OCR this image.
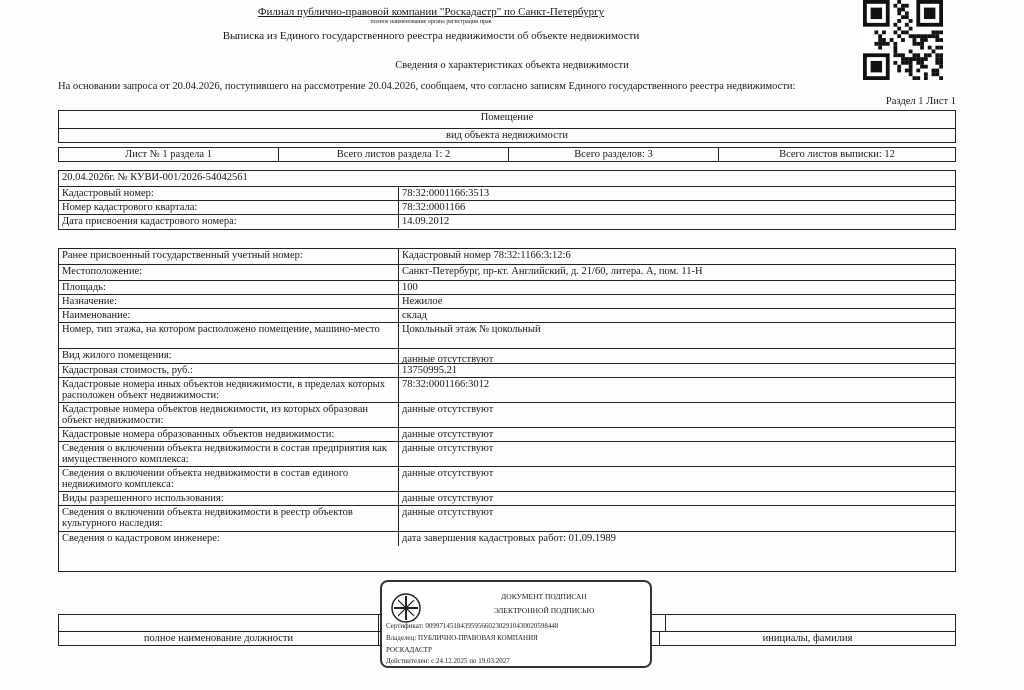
Филиал публично-правовой компании "Роскадастр" по Санкт-Петербургу
полное наименование органа регистрации прав
Выписка из Единого государственного реестра недвижимости об объекте недвижимости
Сведения о характеристиках объекта недвижимости
На основании запроса от 20.04.2026, поступившего на рассмотрение 20.04.2026, сообщаем, что согласно записям Единого государственного реестра недвижимости:
Раздел 1 Лист 1
Помещение
вид объекта недвижимости
Лист № 1 раздела 1	Всего листов раздела 1: 2	Всего разделов: 3	Всего листов выписки: 12
20.04.2026г. № КУВИ-001/2026-54042561
Кадастровый номер:	78:32:0001166:3513
Номер кадастрового квартала:	78:32:0001166
Дата присвоения кадастрового номера:	14.09.2012
Ранее присвоенный государственный учетный номер:	Кадастровый номер 78:32:1166:3:12:6
Местоположение:	Санкт-Петербург, пр-кт. Английский, д. 21/60, литера. А, пом. 11-Н
Площадь:	100
Назначение:	Нежилое
Наименование:	склад
Номер, тип этажа, на котором расположено помещение, машино-место	Цокольный этаж № цокольный
Вид жилого помещения:	данные отсутствуют
Кадастровая стоимость, руб.:	13750995.21
Кадастровые номера иных объектов недвижимости, в пределах которых расположен объект недвижимости:
78:32:0001166:3012
Кадастровые номера объектов недвижимости, из которых образован объект недвижимости:
данные отсутствуют
Кадастровые номера образованных объектов недвижимости:	данные отсутствуют
Сведения о включении объекта недвижимости в состав предприятия как имущественного комплекса:
данные отсутствуют
Сведения о включении объекта недвижимости в состав единого недвижимого комплекса:
данные отсутствуют
Виды разрешенного использования:	данные отсутствуют
Сведения о включении объекта недвижимости в реестр объектов культурного наследия:
данные отсутствуют
Сведения о кадастровом инженере:	дата завершения кадастровых работ: 01.09.1989
полное наименование должности	инициалы, фамилия
ДОКУМЕНТ ПОДПИСАН
ЭЛЕКТРОННОЙ ПОДПИСЬЮ
Сертификат: 00997145184395956602302910430020598448
Владелец: ПУБЛИЧНО-ПРАВОВАЯ КОМПАНИЯ
РОСКАДАСТР
Действителен: с 24.12.2025 по 19.03.2027
